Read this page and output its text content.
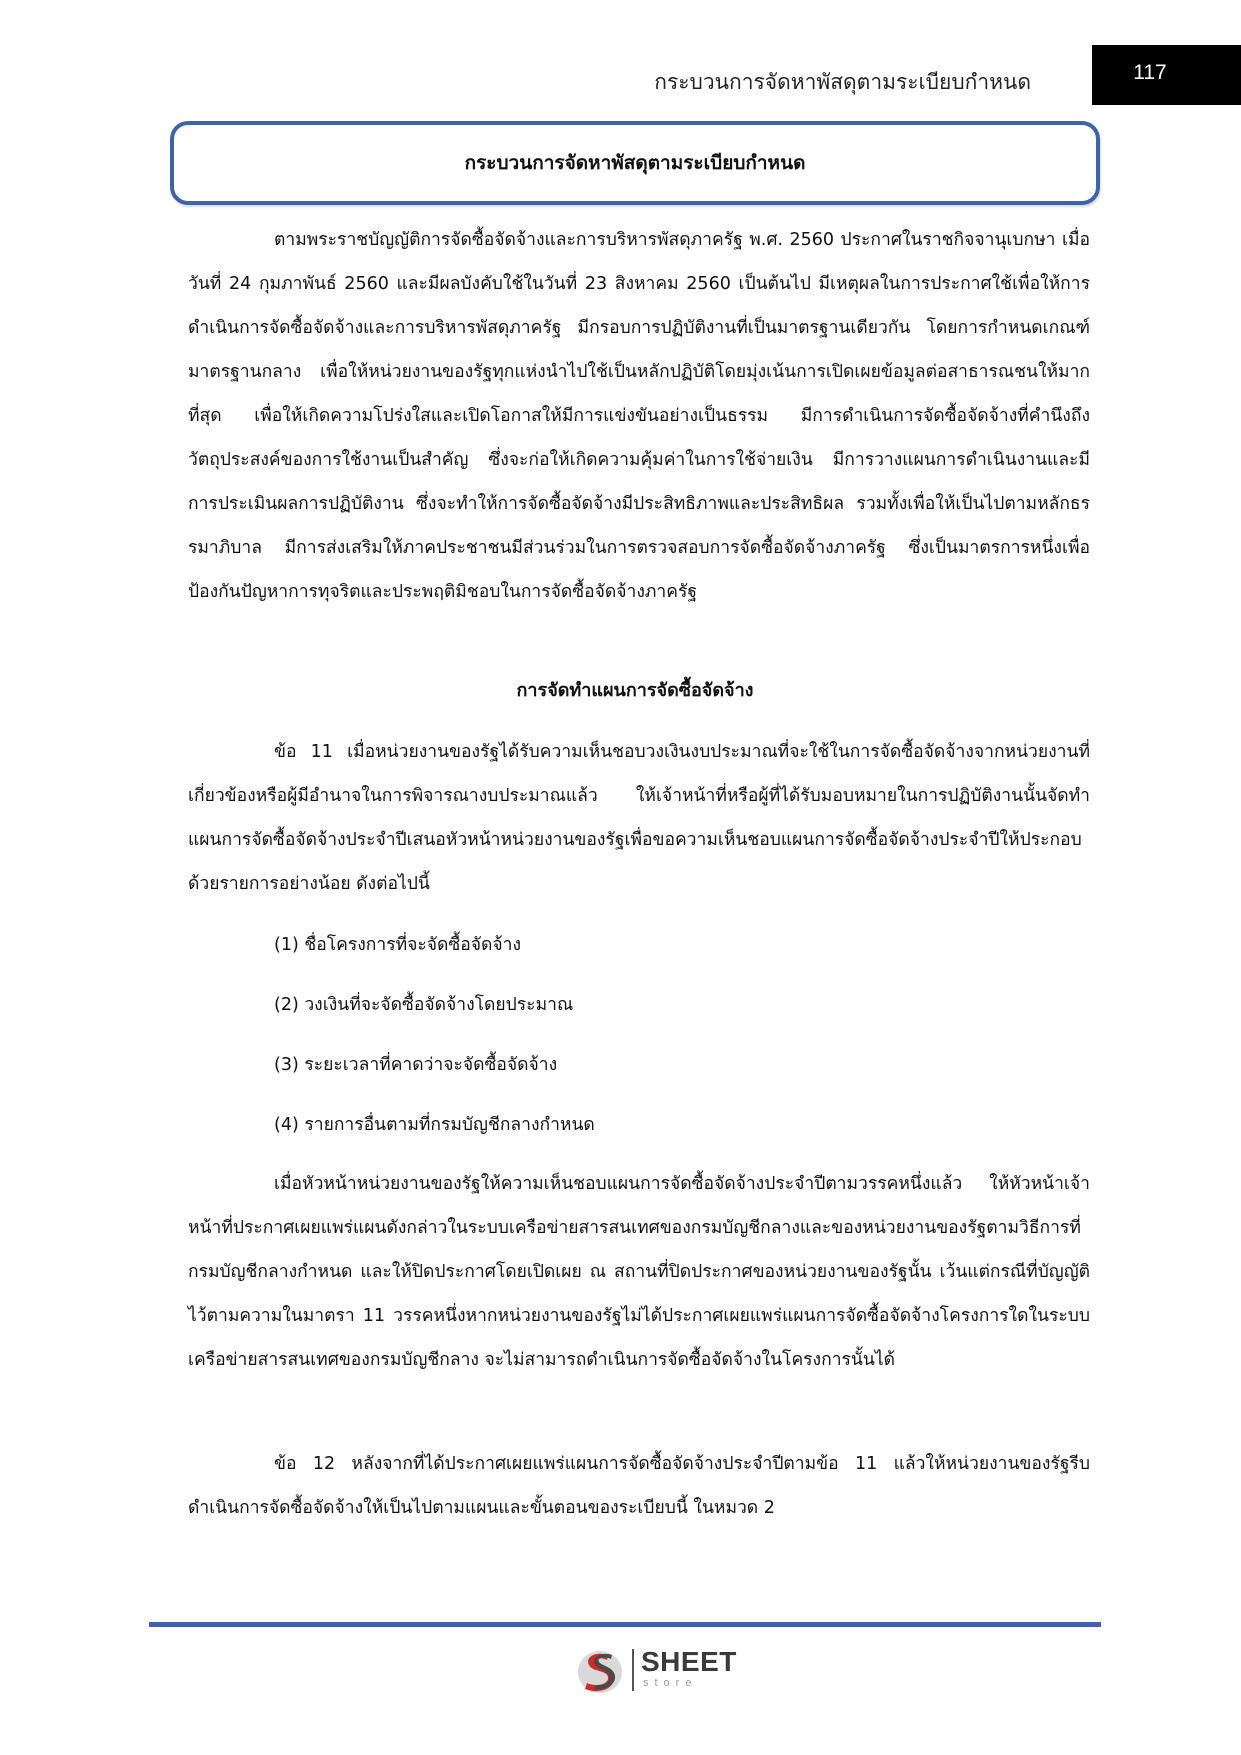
กระบวนการจัดหาพัสดุตามระเบียบกำหนด	117
กระบวนการจัดหาพัสดุตามระเบียบกำหนด

ตามพระราชบัญญัติการจัดซื้อจัดจ้างและการบริหารพัสดุภาครัฐ พ.ศ. 2560 ประกาศในราชกิจจานุเบกษา เมื่อวันที่ 24 กุมภาพันธ์ 2560 และมีผลบังคับใช้ในวันที่ 23 สิงหาคม 2560 เป็นต้นไป มีเหตุผลในการประกาศใช้เพื่อให้การดำเนินการจัดซื้อจัดจ้างและการบริหารพัสดุภาครัฐ มีกรอบการปฏิบัติงานที่เป็นมาตรฐานเดียวกัน โดยการกำหนดเกณฑ์มาตรฐานกลาง เพื่อให้หน่วยงานของรัฐทุกแห่งนำไปใช้เป็นหลักปฏิบัติโดยมุ่งเน้นการเปิดเผยข้อมูลต่อสาธารณชนให้มากที่สุด เพื่อให้เกิดความโปร่งใสและเปิดโอกาสให้มีการแข่งขันอย่างเป็นธรรม มีการดำเนินการจัดซื้อจัดจ้างที่คำนึงถึงวัตถุประสงค์ของการใช้งานเป็นสำคัญ ซึ่งจะก่อให้เกิดความคุ้มค่าในการใช้จ่ายเงิน มีการวางแผนการดำเนินงานและมีการประเมินผลการปฏิบัติงาน ซึ่งจะทำให้การจัดซื้อจัดจ้างมีประสิทธิภาพและประสิทธิผล รวมทั้งเพื่อให้เป็นไปตามหลักธรรมาภิบาล มีการส่งเสริมให้ภาคประชาชนมีส่วนร่วมในการตรวจสอบการจัดซื้อจัดจ้างภาครัฐ ซึ่งเป็นมาตรการหนึ่งเพื่อป้องกันปัญหาการทุจริตและประพฤติมิชอบในการจัดซื้อจัดจ้างภาครัฐ

การจัดทำแผนการจัดซื้อจัดจ้าง

ข้อ 11 เมื่อหน่วยงานของรัฐได้รับความเห็นชอบวงเงินงบประมาณที่จะใช้ในการจัดซื้อจัดจ้างจากหน่วยงานที่เกี่ยวข้องหรือผู้มีอำนาจในการพิจารณางบประมาณแล้ว ให้เจ้าหน้าที่หรือผู้ที่ได้รับมอบหมายในการปฏิบัติงานนั้นจัดทำแผนการจัดซื้อจัดจ้างประจำปีเสนอหัวหน้าหน่วยงานของรัฐเพื่อขอความเห็นชอบแผนการจัดซื้อจัดจ้างประจำปีให้ประกอบด้วยรายการอย่างน้อย ดังต่อไปนี้

(1) ชื่อโครงการที่จะจัดซื้อจัดจ้าง
(2) วงเงินที่จะจัดซื้อจัดจ้างโดยประมาณ
(3) ระยะเวลาที่คาดว่าจะจัดซื้อจัดจ้าง
(4) รายการอื่นตามที่กรมบัญชีกลางกำหนด

เมื่อหัวหน้าหน่วยงานของรัฐให้ความเห็นชอบแผนการจัดซื้อจัดจ้างประจำปีตามวรรคหนึ่งแล้ว ให้หัวหน้าเจ้าหน้าที่ประกาศเผยแพร่แผนดังกล่าวในระบบเครือข่ายสารสนเทศของกรมบัญชีกลางและของหน่วยงานของรัฐตามวิธีการที่กรมบัญชีกลางกำหนด และให้ปิดประกาศโดยเปิดเผย ณ สถานที่ปิดประกาศของหน่วยงานของรัฐนั้น เว้นแต่กรณีที่บัญญัติไว้ตามความในมาตรา 11 วรรคหนึ่งหากหน่วยงานของรัฐไม่ได้ประกาศเผยแพร่แผนการจัดซื้อจัดจ้างโครงการใดในระบบเครือข่ายสารสนเทศของกรมบัญชีกลาง จะไม่สามารถดำเนินการจัดซื้อจัดจ้างในโครงการนั้นได้

ข้อ 12 หลังจากที่ได้ประกาศเผยแพร่แผนการจัดซื้อจัดจ้างประจำปีตามข้อ 11 แล้วให้หน่วยงานของรัฐรีบดำเนินการจัดซื้อจัดจ้างให้เป็นไปตามแผนและขั้นตอนของระเบียบนี้ ในหมวด 2

SHEET
store
